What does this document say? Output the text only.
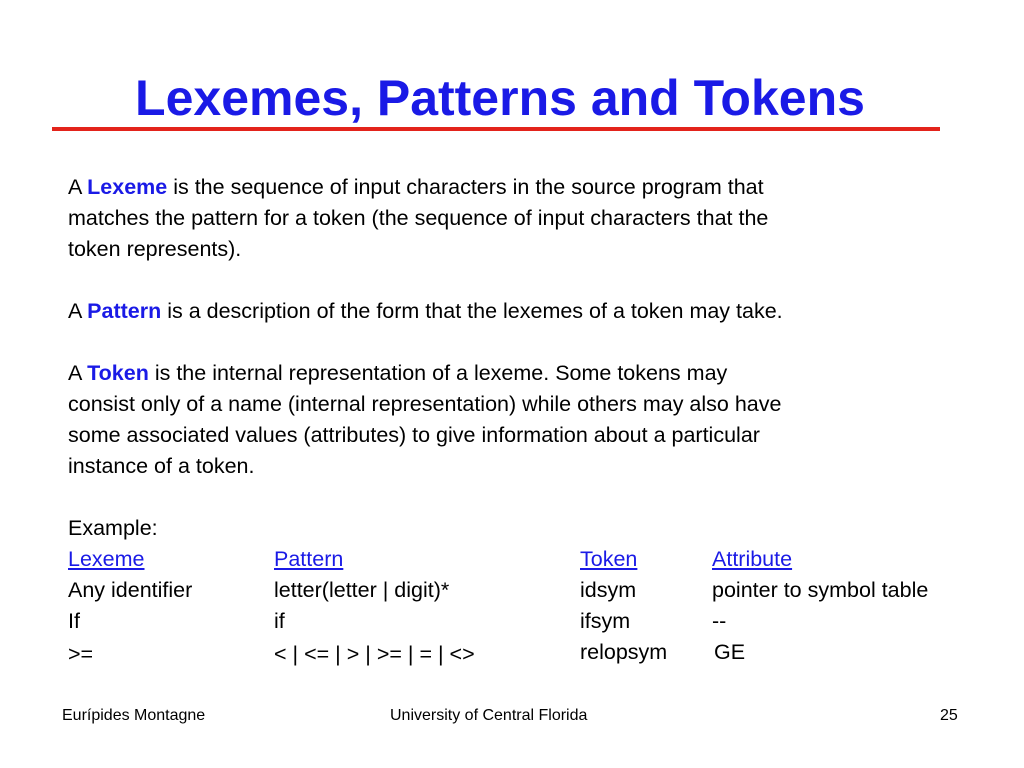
Lexemes, Patterns and Tokens

A Lexeme is the sequence of input characters in the source program that

matches the pattern for a token (the sequence of input characters that the

token represents).

A Pattern is a description of the form that the lexemes of a token may take.

A Token is the internal representation of a lexeme. Some tokens may

consist only of a name (internal representation) while others may also have

some associated values (attributes) to give information about a particular

instance of a token.

Example:

Lexeme	Pattern	Token	Attribute
Any identifier	letter(letter | digit)*	idsym	pointer to symbol table
If	if	ifsym	--
>=	< | <= | > | >= | = | <>	relopsym GE
Eurípides Montagne	University of Central Florida	25
